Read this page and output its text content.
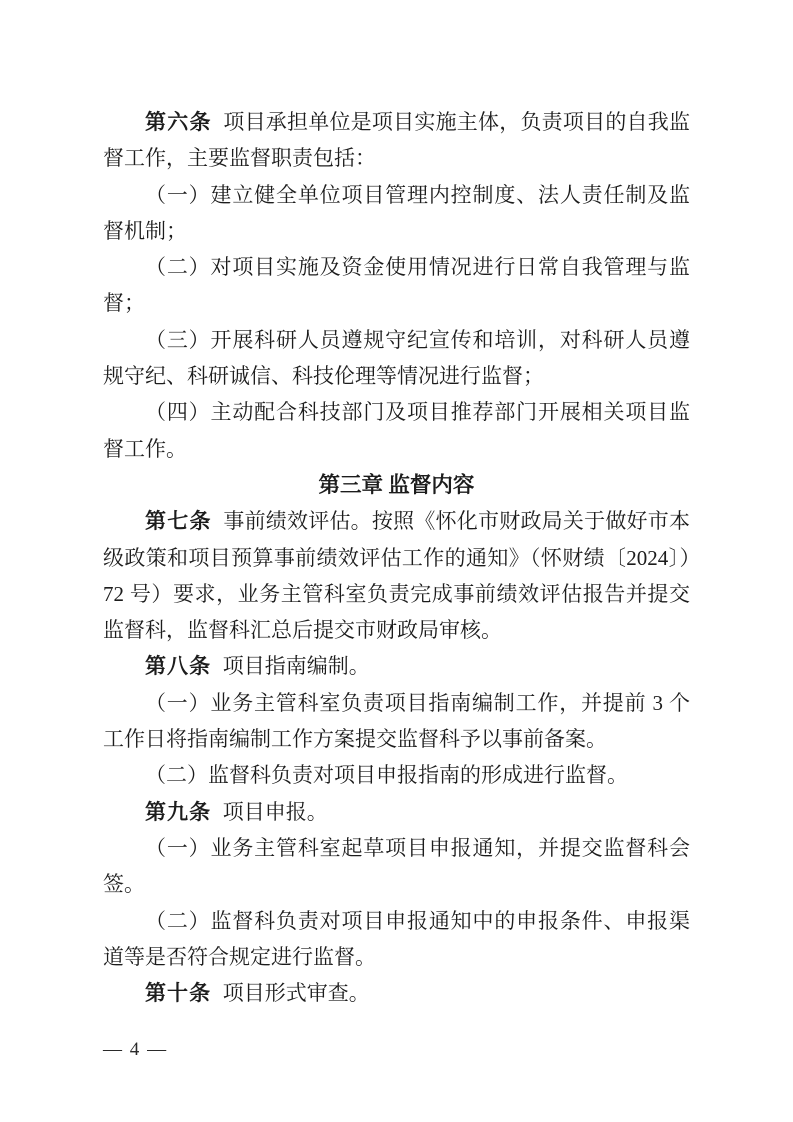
第六条 项目承担单位是项目实施主体，负责项目的自我监督工作，主要监督职责包括：

（一）建立健全单位项目管理内控制度、法人责任制及监督机制；

（二）对项目实施及资金使用情况进行日常自我管理与监督；

（三）开展科研人员遵规守纪宣传和培训，对科研人员遵规守纪、科研诚信、科技伦理等情况进行监督；

（四）主动配合科技部门及项目推荐部门开展相关项目监督工作。

第三章 监督内容

第七条 事前绩效评估。按照《怀化市财政局关于做好市本级政策和项目预算事前绩效评估工作的通知》（怀财绩〔2024〕）72 号）要求，业务主管科室负责完成事前绩效评估报告并提交监督科，监督科汇总后提交市财政局审核。

第八条 项目指南编制。

（一）业务主管科室负责项目指南编制工作，并提前 3 个工作日将指南编制工作方案提交监督科予以事前备案。

（二）监督科负责对项目申报指南的形成进行监督。

第九条 项目申报。

（一）业务主管科室起草项目申报通知，并提交监督科会签。

（二）监督科负责对项目申报通知中的申报条件、申报渠道等是否符合规定进行监督。

第十条 项目形式审查。

— 4 —
